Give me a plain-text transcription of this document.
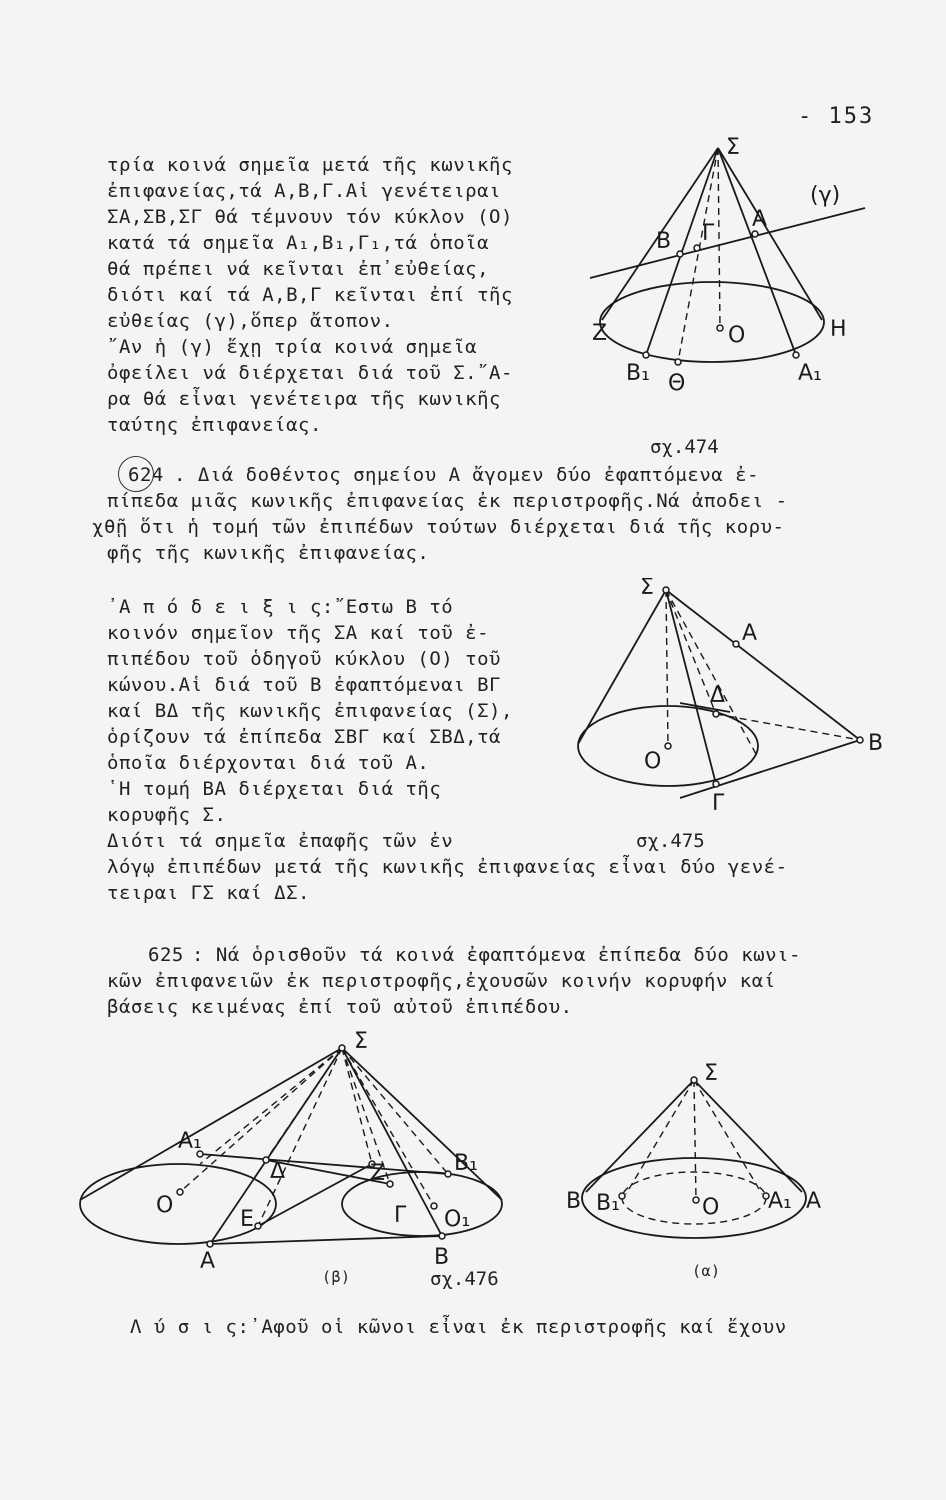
- 153
τρία κοινά σημεῖα μετά τῆς κωνικῆς
ἐπιφανείας,τά Α,Β,Γ.Αἱ γενέτειραι
ΣΑ,ΣΒ,ΣΓ θά τέμνουν τόν κύκλον (Ο)
κατά τά σημεῖα Α₁,Β₁,Γ₁,τά ὁποῖα
θά πρέπει νά κεῖνται ἐπ᾽εὐθείας,
διότι καί τά Α,Β,Γ κεῖνται ἐπί τῆς
εὐθείας (γ),ὅπερ ἄτοπον.
῎Αν ἡ (γ) ἔχῃ τρία κοινά σημεῖα
ὀφείλει νά διέρχεται διά τοῦ Σ.῎Α-
ρα θά εἶναι γενέτειρα τῆς κωνικῆς
ταύτης ἐπιφανείας.
Σ
(γ)
Α
Β Γ
Ζ	Ο	Η
Β₁ Θ	Α₁
σχ.474
624 . Διά δοθέντος σημείου Α ἄγομεν δύο ἐφαπτόμενα ἐ-
πίπεδα μιᾶς κωνικῆς ἐπιφανείας ἐκ περιστροφῆς.Νά ἀποδει -
χθῇ ὅτι ἡ τομή τῶν ἐπιπέδων τούτων διέρχεται διά τῆς κορυ-
φῆς τῆς κωνικῆς ἐπιφανείας.
᾿Α π ό δ ε ι ξ ι ς:῎Εστω Β τό
κοινόν σημεῖον τῆς ΣΑ καί τοῦ ἐ-
πιπέδου τοῦ ὁδηγοῦ κύκλου (Ο) τοῦ
κώνου.Αἱ διά τοῦ Β ἐφαπτόμεναι ΒΓ
καί ΒΔ τῆς κωνικῆς ἐπιφανείας (Σ),
ὁρίζουν τά ἐπίπεδα ΣΒΓ καί ΣΒΔ,τά
ὁποῖα διέρχονται διά τοῦ Α.
῾Η τομή ΒΑ διέρχεται διά τῆς
κορυφῆς Σ.
Διότι τά σημεῖα ἐπαφῆς τῶν ἐν
λόγῳ ἐπιπέδων μετά τῆς κωνικῆς ἐπιφανείας εἶναι δύο γενέ-
τειραι ΓΣ καί ΔΣ.
Σ
Α
Δ
Β
Ο
Γ
σχ.475
625 : Νά ὁρισθοῦν τά κοινά ἐφαπτόμενα ἐπίπεδα δύο κωνι-
κῶν ἐπιφανειῶν ἐκ περιστροφῆς,ἐχουσῶν κοινήν κορυφήν καί
βάσεις κειμένας ἐπί τοῦ αὐτοῦ ἐπιπέδου.
Σ
Α₁
Δ	Ζ	Β₁
Ο
Ε	Γ Ο₁
Α	Β
(β)	σχ.476
Σ
Β Β₁	Ο Α₁ Α
(α)
Λ ύ σ ι ς:᾿Αφοῦ οἱ κῶνοι εἶναι ἐκ περιστροφῆς καί ἔχουν
